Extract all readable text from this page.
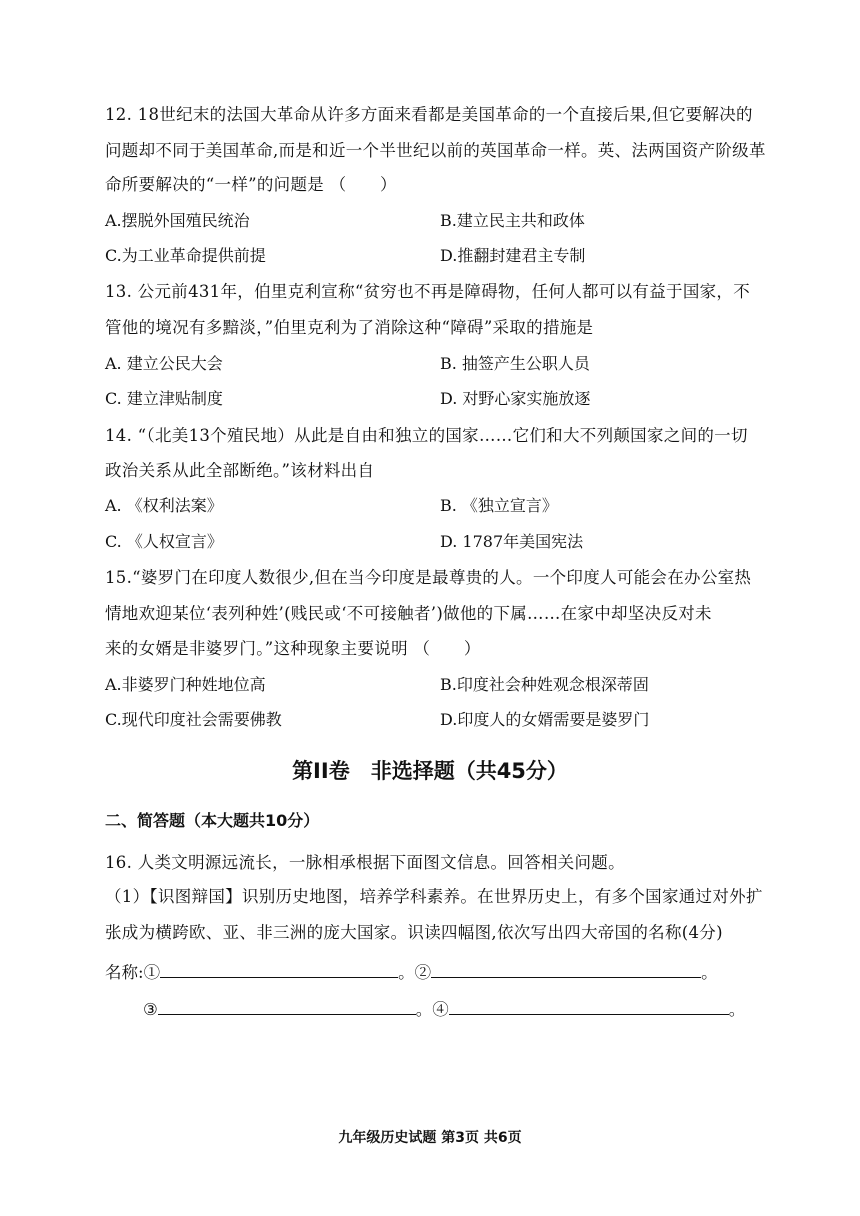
12. 18世纪末的法国大革命从许多方面来看都是美国革命的一个直接后果,但它要解决的
问题却不同于美国革命,而是和近一个半世纪以前的英国革命一样。英、法两国资产阶级革
命所要解决的“一样”的问题是 （　　）
A.摆脱外国殖民统治	B.建立民主共和政体
C.为工业革命提供前提	D.推翻封建君主专制
13. 公元前431年，伯里克利宣称“贫穷也不再是障碍物，任何人都可以有益于国家，不
管他的境况有多黯淡，”伯里克利为了消除这种“障碍”采取的措施是
A. 建立公民大会	B. 抽签产生公职人员
C. 建立津贴制度	D. 对野心家实施放逐
14. “（北美13个殖民地）从此是自由和独立的国家……它们和大不列颠国家之间的一切
政治关系从此全部断绝。”该材料出自
A. 《权利法案》	B. 《独立宣言》
C. 《人权宣言》	D. 1787年美国宪法
15.“婆罗门在印度人数很少,但在当今印度是最尊贵的人。一个印度人可能会在办公室热
情地欢迎某位‘表列种姓’(贱民或‘不可接触者’)做他的下属……在家中却坚决反对未
来的女婿是非婆罗门。”这种现象主要说明 （　　）
A.非婆罗门种姓地位高	B.印度社会种姓观念根深蒂固
C.现代印度社会需要佛教	D.印度人的女婿需要是婆罗门
第II卷　非选择题（共45分）
二、简答题（本大题共10分）
16. 人类文明源远流长，一脉相承根据下面图文信息。回答相关问题。
（1）【识图辩国】识别历史地图，培养学科素养。在世界历史上，有多个国家通过对外扩
张成为横跨欧、亚、非三洲的庞大国家。识读四幅图,依次写出四大帝国的名称(4分)
名称:①	。②	。
③	。④	。
九年级历史试题 第3页 共6页
